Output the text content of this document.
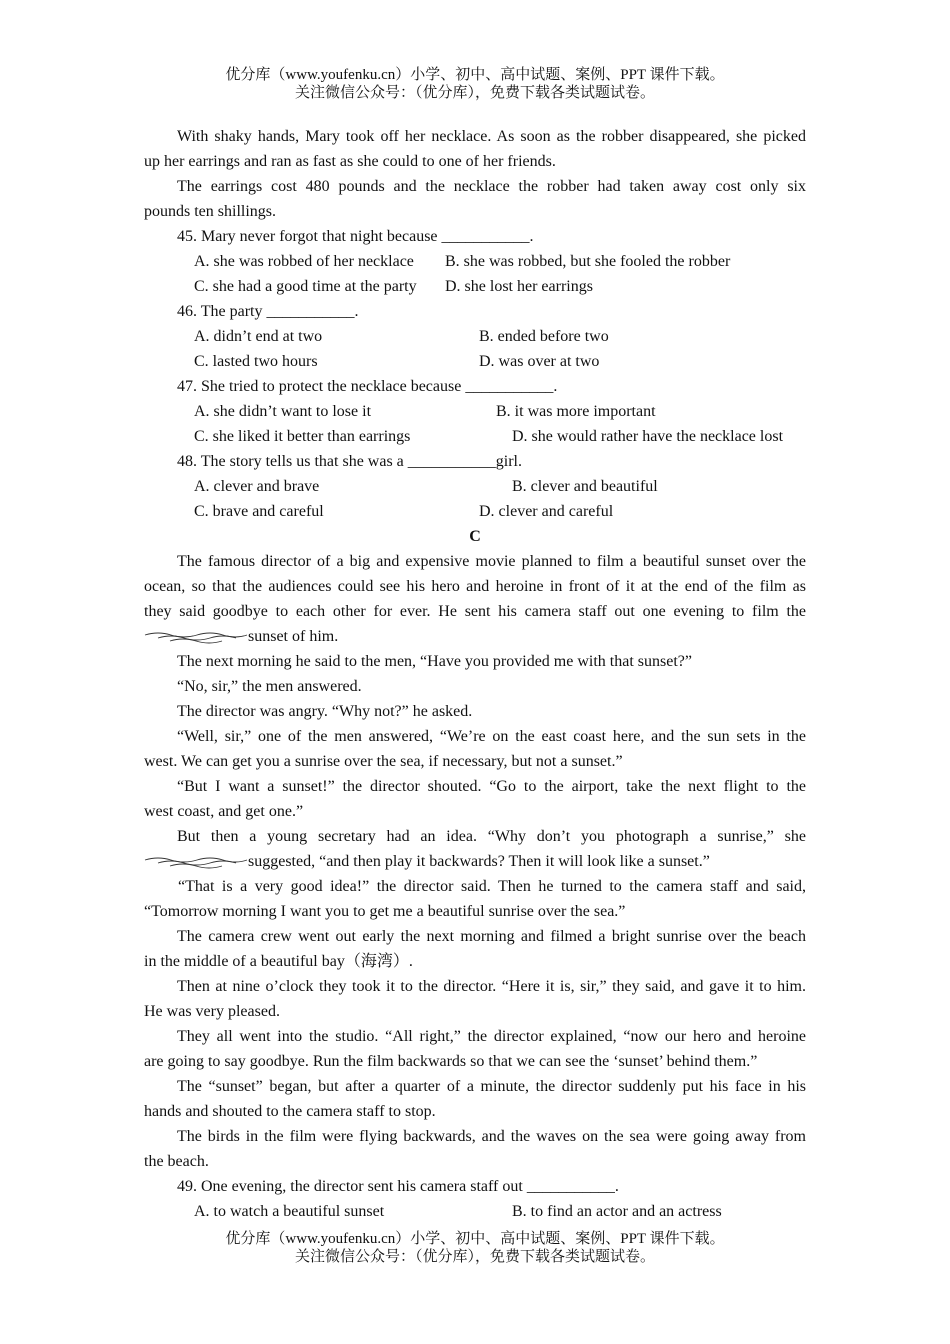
优分库（www.youfenku.cn）小学、初中、高中试题、案例、PPT 课件下载。
关注微信公众号：（优分库），免费下载各类试题试卷。
With shaky hands, Mary took off her necklace. As soon as the robber disappeared, she picked
up her earrings and ran as fast as she could to one of her friends.
The earrings cost 480 pounds and the necklace the robber had taken away cost only six
pounds ten shillings.
45. Mary never forgot that night because ___________.
A. she was robbed of her necklace B. she was robbed, but she fooled the robber
C. she had a good time at the party D. she lost her earrings
46. The party ___________.
A. didn’t end at two	B. ended before two
C. lasted two hours	D. was over at two
47. She tried to protect the necklace because ___________.
A. she didn’t want to lose it	B. it was more important
C. she liked it better than earrings	D. she would rather have the necklace lost
48. The story tells us that she was a ___________girl.
A. clever and brave	B. clever and beautiful
C. brave and careful	D. clever and careful
C
The famous director of a big and expensive movie planned to film a beautiful sunset over the
ocean, so that the audiences could see his hero and heroine in front of it at the end of the film as
they said goodbye to each other for ever. He sent his camera staff out one evening to film the
sunset of him.
The next morning he said to the men, “Have you provided me with that sunset?”
“No, sir,” the men answered.
The director was angry. “Why not?” he asked.
“Well, sir,” one of the men answered, “We’re on the east coast here, and the sun sets in the
west. We can get you a sunrise over the sea, if necessary, but not a sunset.”
“But I want a sunset!” the director shouted. “Go to the airport, take the next flight to the
west coast, and get one.”
But then a young secretary had an idea. “Why don’t you photograph a sunrise,” she
suggested, “and then play it backwards? Then it will look like a sunset.”
“That is a very good idea!” the director said. Then he turned to the camera staff and said,
“Tomorrow morning I want you to get me a beautiful sunrise over the sea.”
The camera crew went out early the next morning and filmed a bright sunrise over the beach
in the middle of a beautiful bay（海湾）.
Then at nine o’clock they took it to the director. “Here it is, sir,” they said, and gave it to him.
He was very pleased.
They all went into the studio. “All right,” the director explained, “now our hero and heroine
are going to say goodbye. Run the film backwards so that we can see the ‘sunset’ behind them.”
The “sunset” began, but after a quarter of a minute, the director suddenly put his face in his
hands and shouted to the camera staff to stop.
The birds in the film were flying backwards, and the waves on the sea were going away from
the beach.
49. One evening, the director sent his camera staff out ___________.
A. to watch a beautiful sunset	B. to find an actor and an actress
优分库（www.youfenku.cn）小学、初中、高中试题、案例、PPT 课件下载。
关注微信公众号：（优分库），免费下载各类试题试卷。
